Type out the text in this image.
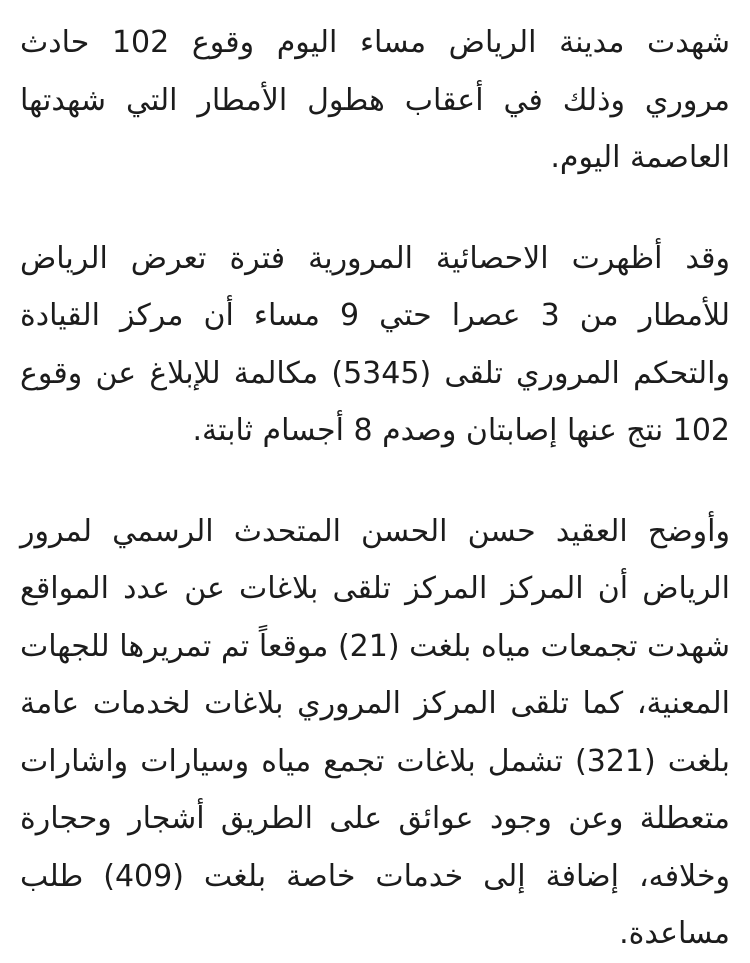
شهدت مدينة الرياض مساء اليوم وقوع 102 حادث مروري وذلك في أعقاب هطول الأمطار التي شهدتها العاصمة اليوم.

وقد أظهرت الاحصائية المرورية فترة تعرض الرياض للأمطار من 3 عصرا حتي 9 مساء أن مركز القيادة والتحكم المروري تلقى (5345) مكالمة للإبلاغ عن وقوع 102 نتج عنها إصابتان وصدم 8 أجسام ثابتة.

وأوضح العقيد حسن الحسن المتحدث الرسمي لمرور الرياض أن المركز المركز تلقى بلاغات عن عدد المواقع شهدت تجمعات مياه بلغت (21) موقعاً تم تمريرها للجهات المعنية، كما تلقى المركز المروري بلاغات لخدمات عامة بلغت (321) تشمل بلاغات تجمع مياه وسيارات واشارات متعطلة وعن وجود عوائق على الطريق أشجار وحجارة وخلافه، إضافة إلى خدمات خاصة بلغت (409) طلب مساعدة.
